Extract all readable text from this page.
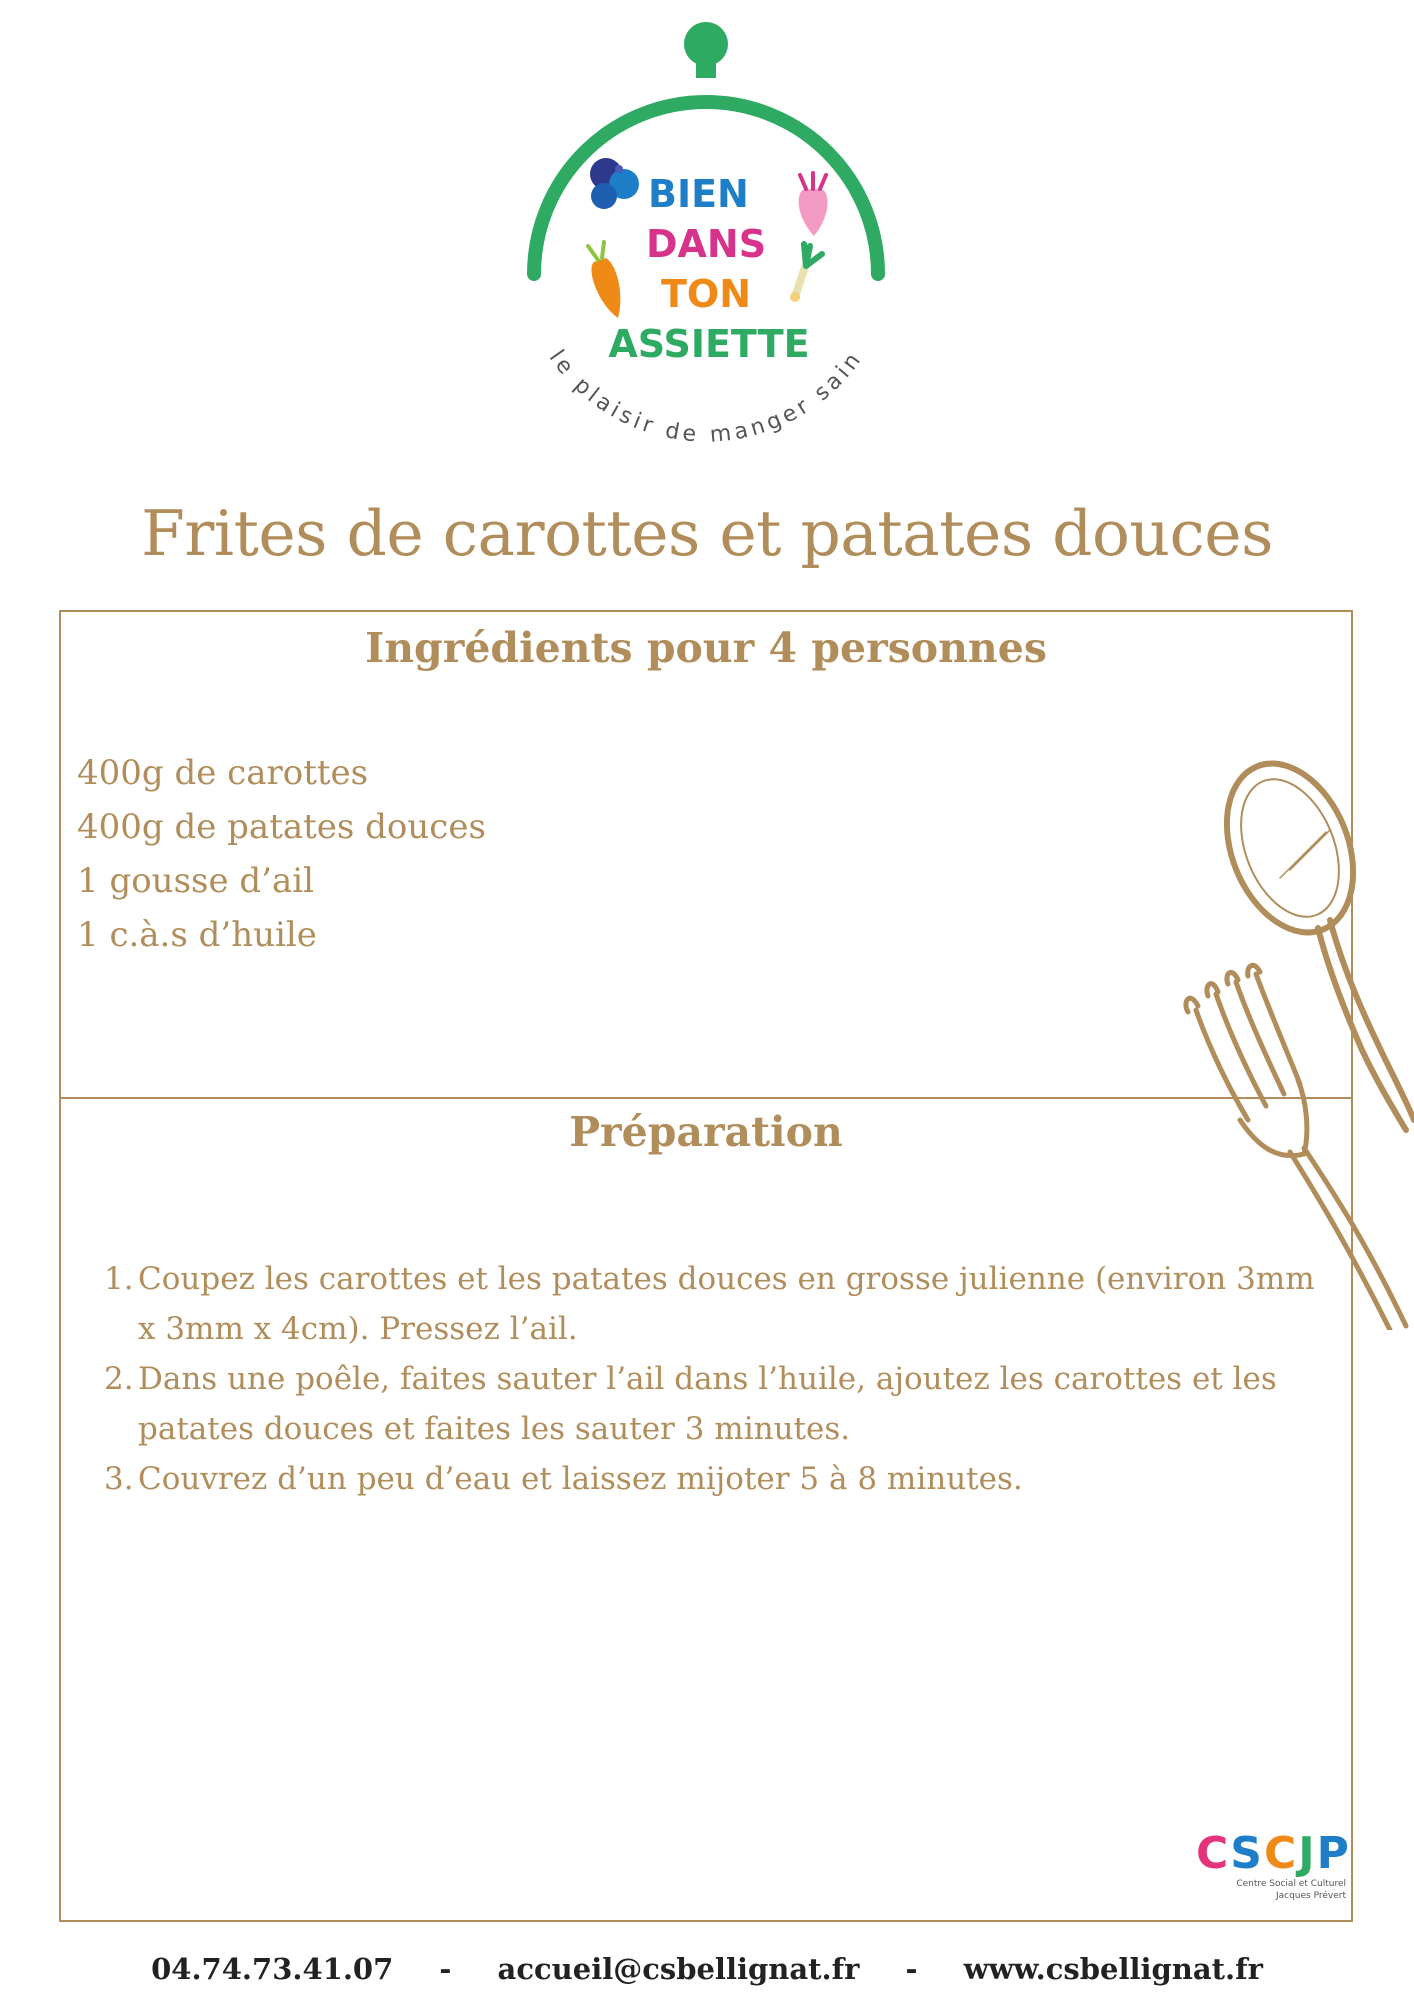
BIEN
DANS
TON
ASSIETTE
le plaisir de manger sain
Frites de carottes et patates douces
Ingrédients pour 4 personnes
400g de carottes
400g de patates douces
1 gousse d’ail
1 c.à.s d’huile
Préparation
1. Coupez les carottes et les patates douces en grosse julienne (environ 3mm x 3mm x 4cm). Pressez l’ail.
2. Dans une poêle, faites sauter l’ail dans l’huile, ajoutez les carottes et les patates douces et faites les sauter 3 minutes.
3. Couvrez d’un peu d’eau et laissez mijoter 5 à 8 minutes.
C S C J P
Centre Social et Culturel
Jacques Prévert
04.74.73.41.07 - accueil@csbellignat.fr - www.csbellignat.fr
